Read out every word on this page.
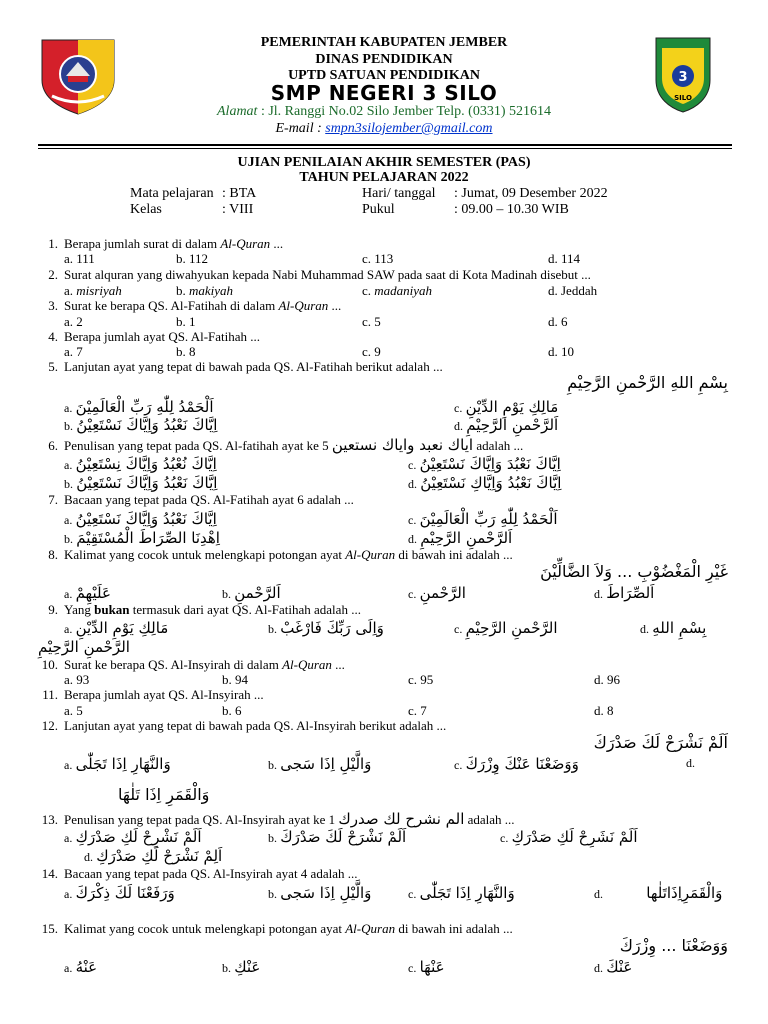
3
SILO
PEMERINTAH KABUPATEN JEMBER
DINAS PENDIDIKAN
UPTD SATUAN PENDIDIKAN
SMP NEGERI 3 SILO
Alamat : Jl. Ranggi No.02 Silo Jember Telp. (0331) 521614
E-mail : smpn3silojember@gmail.com
UJIAN PENILAIAN AKHIR SEMESTER (PAS)
TAHUN PELAJARAN 2022
Mata pelajaran : BTA
Kelas	: VIII
Hari/ tanggal : Jumat, 09 Desember 2022
Pukul	: 09.00 – 10.30 WIB
1. Berapa jumlah surat di dalam Al-Quran ...
a. 111	b. 112	c. 113	d. 114
2. Surat alquran yang diwahyukan kepada Nabi Muhammad SAW pada saat di Kota Madinah disebut ...
a. misriyah	b. makiyah	c. madaniyah	d. Jeddah
3. Surat ke berapa QS. Al-Fatihah di dalam Al-Quran ...
a. 2	b. 1	c. 5	d. 6
4. Berapa jumlah ayat QS. Al-Fatihah ...
a. 7	b. 8	c. 9	d. 10
5. Lanjutan ayat yang tepat di bawah pada QS. Al-Fatihah berikut adalah ...
بِسْمِ اللهِ الرَّحْمنِ الرَّحِيْمِ
a. اَلْحَمْدُ لِلّٰهِ رَبِّ الْعَالَمِيْنَ
b. اِيَّاكَ نَعْبُدُ وَاِيَّاكَ نَسْتَعِيْنُ
c. مَالِكِ يَوْمِ الدِّيْنِ
d. اَلرَّحْمنِ الرَّحِيْمِ
6. Penulisan yang tepat pada QS. Al-fatihah ayat ke 5 اياك نعبد واياك نستعين adalah ...
a. اِيَّاكَ نُعْبُدُ وَاِيَّاكَ نِسْتَعِيْنُ
b. اِيَّاكَ نَعْبُدُ وَاِيَّاكَ نَسْتَعِيْنُ
c. اِيَّاكَ نَعْبُدَ وَاِيَّاكَ نَسْتَعِيْنُ
d. اِيَّاكَ نَعْبُدُ وَاِيَّاكِ نَسْتَعِيْنُ
7. Bacaan yang tepat pada QS. Al-Fatihah ayat 6 adalah ...
a. اِيَّاكَ نَعْبُدُ وَاِيَّاكَ نَسْتَعِيْنُ
b. اِهْدِنَا الصِّرَاطَ الْمُسْتَقِيْمَ
c. اَلْحَمْدُ لِلّٰهِ رَبِّ الْعَالَمِيْنَ
d. اَلرَّحْمنِ الرَّحِيْمِ
8. Kalimat yang cocok untuk melengkapi potongan ayat Al-Quran di bawah ini adalah ...
غَيْرِ الْمَغْضُوْبِ ... وَلاَ الضَّالِّيْنَ
a. عَلَيْهِمْ	b. اَلرَّحْمنِ	c. الرَّحْمنِ	d. اَلصِّرَاطَ
9. Yang bukan termasuk dari ayat QS. Al-Fatihah adalah ...
a. مَالِكِ يَوْمِ الدِّيْنِ	b. وَاِلَى رَبِّكَ فَارْغَبْ	c. الرَّحْمنِ الرَّحِيْمِ	d. بِسْمِ اللهِ
الرَّحْمنِ الرَّحِيْمِ
10. Surat ke berapa QS. Al-Insyirah di dalam Al-Quran ...
a. 93	b. 94	c. 95	d. 96
11. Berapa jumlah ayat QS. Al-Insyirah ...
a. 5	b. 6	c. 7	d. 8
12. Lanjutan ayat yang tepat di bawah pada QS. Al-Insyirah berikut adalah ...
اَلَمْ نَشْرَحْ لَكَ صَدْرَكَ
a. وَالنَّهَارِ اِذَا تَجَلّٰى	b. وَالَّيْلِ اِذَا سَجى	c. وَوَضَعْنَا عَنْكَ وِزْرَكَ	d.
وَالْقَمَرِ اِذَا تَلٰهَا
13. Penulisan yang tepat pada QS. Al-Insyirah ayat ke 1 الم نشرح لك صدرك adalah ...
a. اَلَمْ نَشْرِحْ لَكِ صَدْرَكِ	b. اَلَمْ نَشْرَحْ لَكَ صَدْرَكَ	c. اَلَمْ نَشَرِحْ لَكِ صَدْرَكِ
d. اَلِمْ نَشْرَحْ لَكِ صَدْرَكِ
14. Bacaan yang tepat pada QS. Al-Insyirah ayat 4 adalah ...
a. وَرَفَعْنَا لَكَ ذِكْرَكَ	b. وَالَّيْلِ اِذَا سَجى	c. وَالنَّهَارِ اِذَا تَجَلّٰى	d.	وَالْقَمَرِاِذَاتَلٰها
15. Kalimat yang cocok untuk melengkapi potongan ayat Al-Quran di bawah ini adalah ...
وَوَضَعْنَا ... وِزْرَكَ
a. عَنْهُ	b. عَنْكِ	c. عَنْهَا	d. عَنْكَ
